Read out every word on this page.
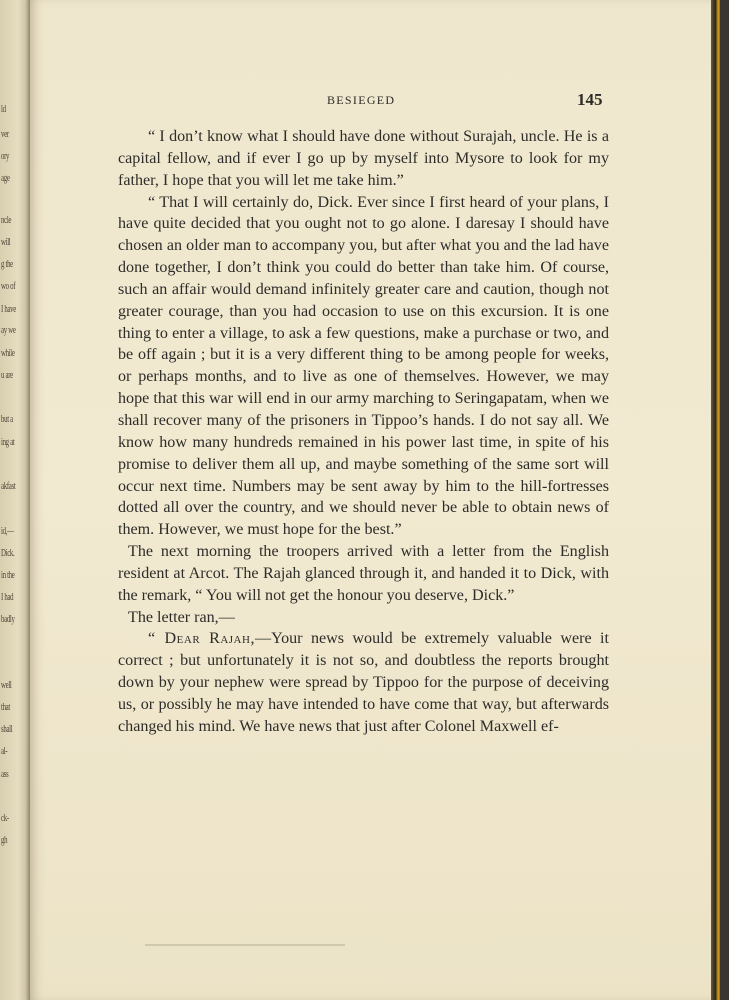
ld
ver
ory
age
ncle
will
g the
wo of
I have
ay we
while
u are
but a
ing at
akfast
id,—
Dick.
in the
I had
badly
well
that
shall
al-
ass
ck-
gh
BESIEGED	145

“ I don’t know what I should have done without Surajah, uncle. He is a capital fellow, and if ever I go up by myself into Mysore to look for my father, I hope that you will let me take him.”

“ That I will certainly do, Dick. Ever since I first heard of your plans, I have quite decided that you ought not to go alone. I daresay I should have chosen an older man to accompany you, but after what you and the lad have done together, I don’t think you could do better than take him. Of course, such an affair would demand infinitely greater care and caution, though not greater courage, than you had occasion to use on this excursion. It is one thing to enter a village, to ask a few questions, make a purchase or two, and be off again ; but it is a very different thing to be among people for weeks, or perhaps months, and to live as one of themselves. However, we may hope that this war will end in our army marching to Seringapatam, when we shall recover many of the prisoners in Tippoo’s hands. I do not say all. We know how many hundreds remained in his power last time, in spite of his promise to deliver them all up, and maybe something of the same sort will occur next time. Numbers may be sent away by him to the hill-fortresses dotted all over the country, and we should never be able to obtain news of them. However, we must hope for the best.”

The next morning the troopers arrived with a letter from the English resident at Arcot. The Rajah glanced through it, and handed it to Dick, with the remark, “ You will not get the honour you deserve, Dick.”

The letter ran,—

“ Dear Rajah,—Your news would be extremely valuable were it correct ; but unfortunately it is not so, and doubtless the reports brought down by your nephew were spread by Tippoo for the purpose of deceiving us, or possibly he may have intended to have come that way, but afterwards changed his mind. We have news that just after Colonel Maxwell ef-
